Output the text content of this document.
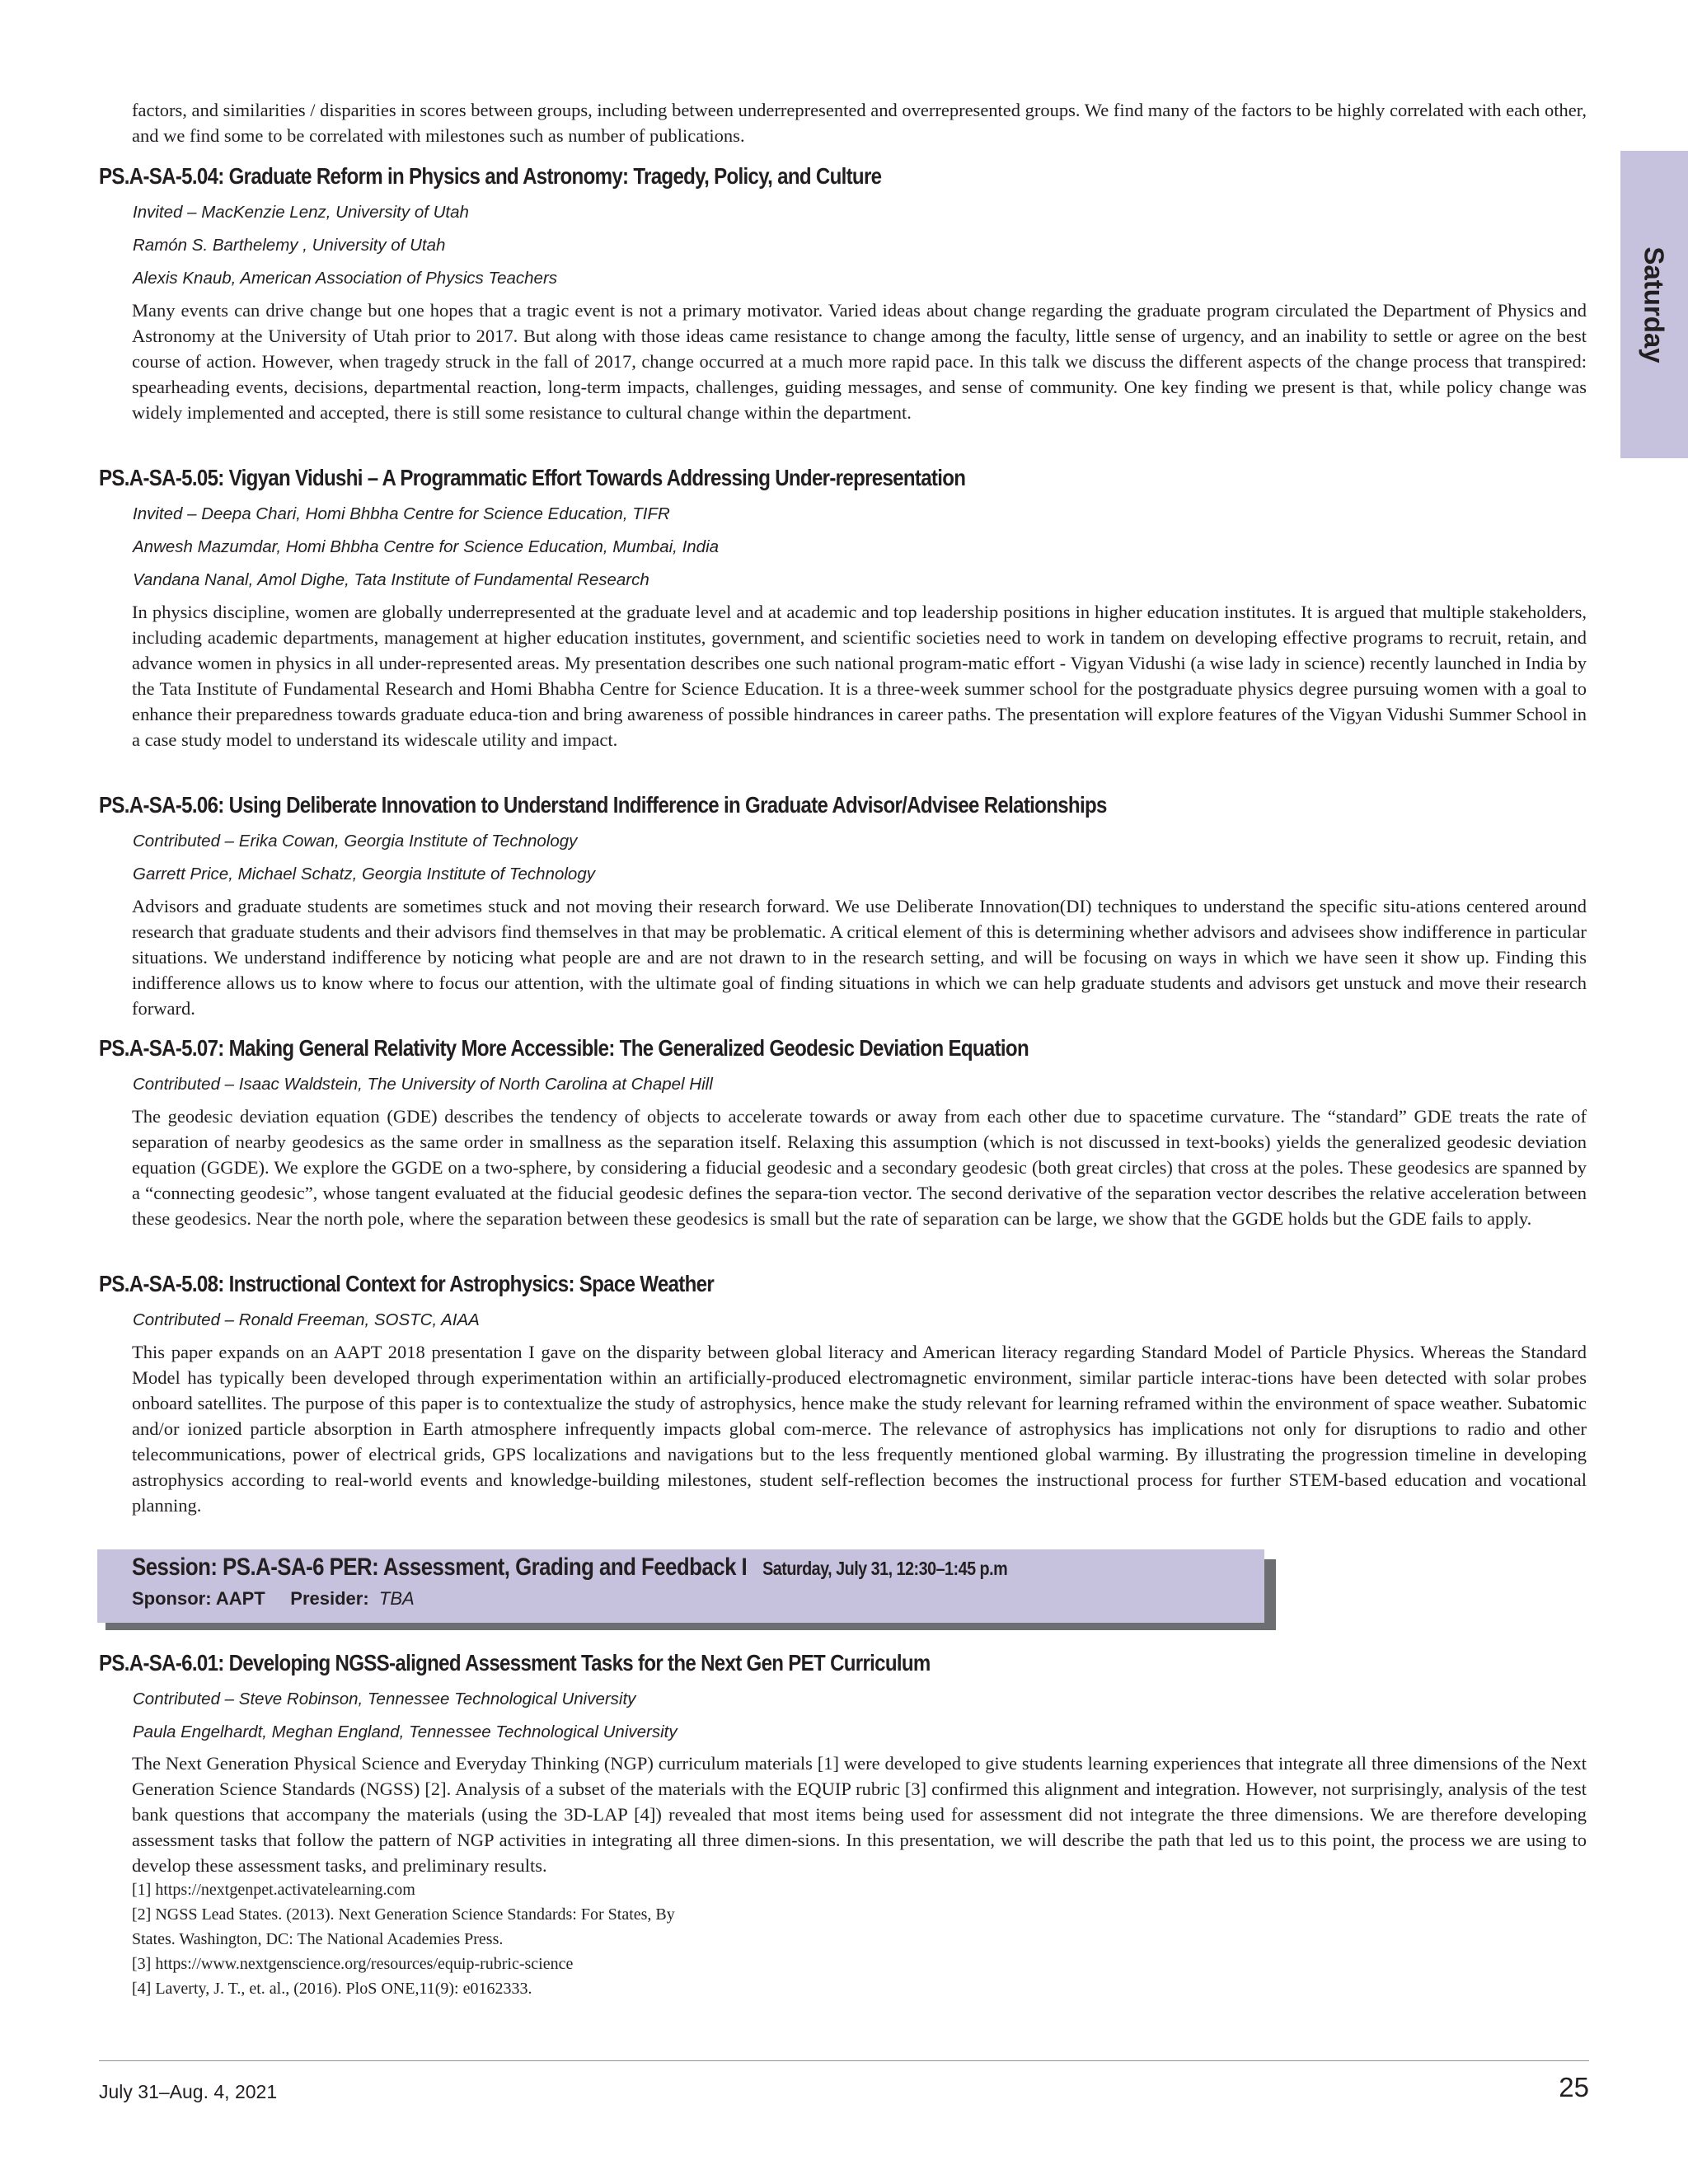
Saturday
factors, and similarities / disparities in scores between groups, including between underrepresented and overrepresented groups. We find many of the factors to be highly correlated with each other, and we find some to be correlated with milestones such as number of publications.
PS.A-SA-5.04: Graduate Reform in Physics and Astronomy: Tragedy, Policy, and Culture
Invited – MacKenzie Lenz, University of Utah
Ramón S. Barthelemy , University of Utah
Alexis Knaub, American Association of Physics Teachers
Many events can drive change but one hopes that a tragic event is not a primary motivator. Varied ideas about change regarding the graduate program circulated the Department of Physics and Astronomy at the University of Utah prior to 2017. But along with those ideas came resistance to change among the faculty, little sense of urgency, and an inability to settle or agree on the best course of action. However, when tragedy struck in the fall of 2017, change occurred at a much more rapid pace. In this talk we discuss the different aspects of the change process that transpired: spearheading events, decisions, departmental reaction, long-term impacts, challenges, guiding messages, and sense of community. One key finding we present is that, while policy change was widely implemented and accepted, there is still some resistance to cultural change within the department.
PS.A-SA-5.05: Vigyan Vidushi – A Programmatic Effort Towards Addressing Under-representation
Invited – Deepa Chari, Homi Bhbha Centre for Science Education, TIFR
Anwesh Mazumdar, Homi Bhbha Centre for Science Education, Mumbai, India
Vandana Nanal, Amol Dighe, Tata Institute of Fundamental Research
In physics discipline, women are globally underrepresented at the graduate level and at academic and top leadership positions in higher education institutes. It is argued that multiple stakeholders, including academic departments, management at higher education institutes, government, and scientific societies need to work in tandem on developing effective programs to recruit, retain, and advance women in physics in all under-represented areas. My presentation describes one such national program-matic effort - Vigyan Vidushi (a wise lady in science) recently launched in India by the Tata Institute of Fundamental Research and Homi Bhabha Centre for Science Education. It is a three-week summer school for the postgraduate physics degree pursuing women with a goal to enhance their preparedness towards graduate educa-tion and bring awareness of possible hindrances in career paths. The presentation will explore features of the Vigyan Vidushi Summer School in a case study model to understand its widescale utility and impact.
PS.A-SA-5.06: Using Deliberate Innovation to Understand Indifference in Graduate Advisor/Advisee Relationships
Contributed – Erika Cowan, Georgia Institute of Technology
Garrett Price, Michael Schatz, Georgia Institute of Technology
Advisors and graduate students are sometimes stuck and not moving their research forward. We use Deliberate Innovation(DI) techniques to understand the specific situ-ations centered around research that graduate students and their advisors find themselves in that may be problematic. A critical element of this is determining whether advisors and advisees show indifference in particular situations. We understand indifference by noticing what people are and are not drawn to in the research setting, and will be focusing on ways in which we have seen it show up. Finding this indifference allows us to know where to focus our attention, with the ultimate goal of finding situations in which we can help graduate students and advisors get unstuck and move their research forward.
PS.A-SA-5.07: Making General Relativity More Accessible: The Generalized Geodesic Deviation Equation
Contributed – Isaac Waldstein, The University of North Carolina at Chapel Hill
The geodesic deviation equation (GDE) describes the tendency of objects to accelerate towards or away from each other due to spacetime curvature. The “standard” GDE treats the rate of separation of nearby geodesics as the same order in smallness as the separation itself. Relaxing this assumption (which is not discussed in text-books) yields the generalized geodesic deviation equation (GGDE). We explore the GGDE on a two-sphere, by considering a fiducial geodesic and a secondary geodesic (both great circles) that cross at the poles. These geodesics are spanned by a “connecting geodesic”, whose tangent evaluated at the fiducial geodesic defines the separa-tion vector. The second derivative of the separation vector describes the relative acceleration between these geodesics. Near the north pole, where the separation between these geodesics is small but the rate of separation can be large, we show that the GGDE holds but the GDE fails to apply.
PS.A-SA-5.08: Instructional Context for Astrophysics: Space Weather
Contributed – Ronald Freeman, SOSTC, AIAA
This paper expands on an AAPT 2018 presentation I gave on the disparity between global literacy and American literacy regarding Standard Model of Particle Physics. Whereas the Standard Model has typically been developed through experimentation within an artificially-produced electromagnetic environment, similar particle interac-tions have been detected with solar probes onboard satellites. The purpose of this paper is to contextualize the study of astrophysics, hence make the study relevant for learning reframed within the environment of space weather. Subatomic and/or ionized particle absorption in Earth atmosphere infrequently impacts global com-merce. The relevance of astrophysics has implications not only for disruptions to radio and other telecommunications, power of electrical grids, GPS localizations and navigations but to the less frequently mentioned global warming. By illustrating the progression timeline in developing astrophysics according to real-world events and knowledge-building milestones, student self-reflection becomes the instructional process for further STEM-based education and vocational planning.
Session: PS.A-SA-6 PER: Assessment, Grading and Feedback I Saturday, July 31, 12:30–1:45 p.m
Sponsor: AAPT Presider: TBA
PS.A-SA-6.01: Developing NGSS-aligned Assessment Tasks for the Next Gen PET Curriculum
Contributed – Steve Robinson, Tennessee Technological University
Paula Engelhardt, Meghan England, Tennessee Technological University
The Next Generation Physical Science and Everyday Thinking (NGP) curriculum materials [1] were developed to give students learning experiences that integrate all three dimensions of the Next Generation Science Standards (NGSS) [2]. Analysis of a subset of the materials with the EQUIP rubric [3] confirmed this alignment and integration. However, not surprisingly, analysis of the test bank questions that accompany the materials (using the 3D-LAP [4]) revealed that most items being used for assessment did not integrate the three dimensions. We are therefore developing assessment tasks that follow the pattern of NGP activities in integrating all three dimen-sions. In this presentation, we will describe the path that led us to this point, the process we are using to develop these assessment tasks, and preliminary results.
[1] https://nextgenpet.activatelearning.com
[2] NGSS Lead States. (2013). Next Generation Science Standards: For States, By
States. Washington, DC: The National Academies Press.
[3] https://www.nextgenscience.org/resources/equip-rubric-science
[4] Laverty, J. T., et. al., (2016). PloS ONE,11(9): e0162333.
July 31–Aug. 4, 2021	25
